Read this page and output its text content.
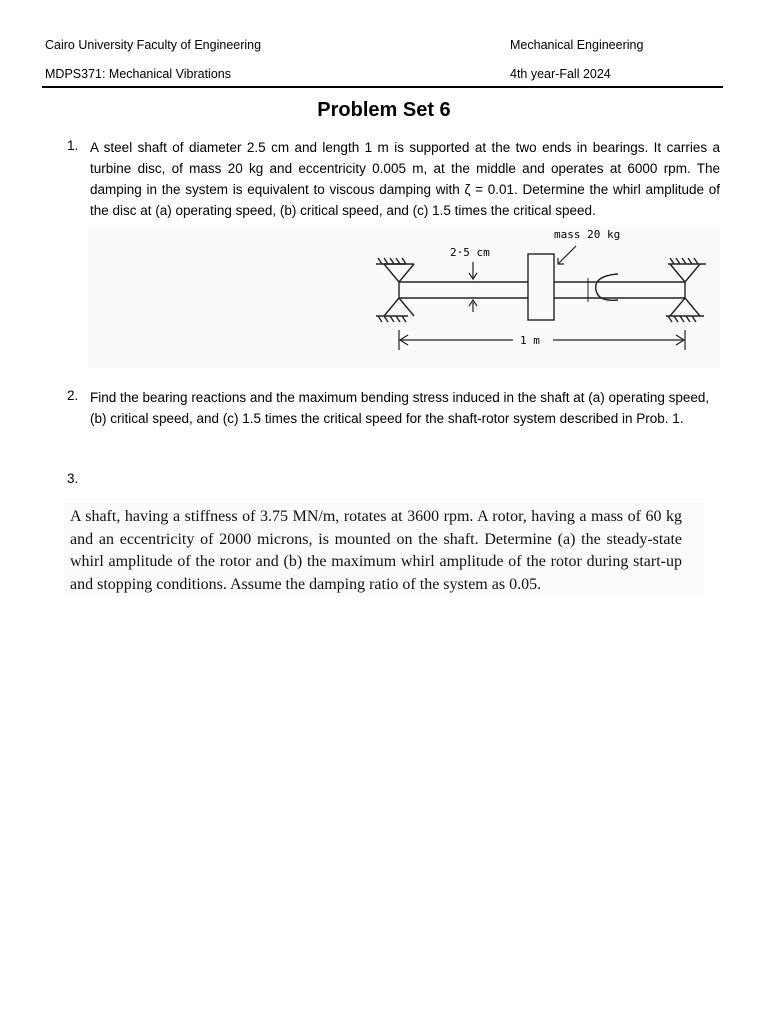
Cairo University Faculty of Engineering	Mechanical Engineering
MDPS371: Mechanical Vibrations	4th year-Fall 2024
Problem Set 6
1. A steel shaft of diameter 2.5 cm and length 1 m is supported at the two ends in bearings. It carries a turbine disc, of mass 20 kg and eccentricity 0.005 m, at the middle and operates at 6000 rpm. The damping in the system is equivalent to viscous damping with ζ = 0.01. Determine the whirl amplitude of the disc at (a) operating speed, (b) critical speed, and (c) 1.5 times the critical speed.
mass 20 kg
2·5 cm
1 m
2. Find the bearing reactions and the maximum bending stress induced in the shaft at (a) operating speed, (b) critical speed, and (c) 1.5 times the critical speed for the shaft-rotor system described in Prob. 1.
3.

A shaft, having a stiffness of 3.75 MN/m, rotates at 3600 rpm. A rotor, having a mass of 60 kg and an eccentricity of 2000 microns, is mounted on the shaft. Determine (a) the steady-state whirl amplitude of the rotor and (b) the maximum whirl amplitude of the rotor during start-up and stopping conditions. Assume the damping ratio of the system as 0.05.
